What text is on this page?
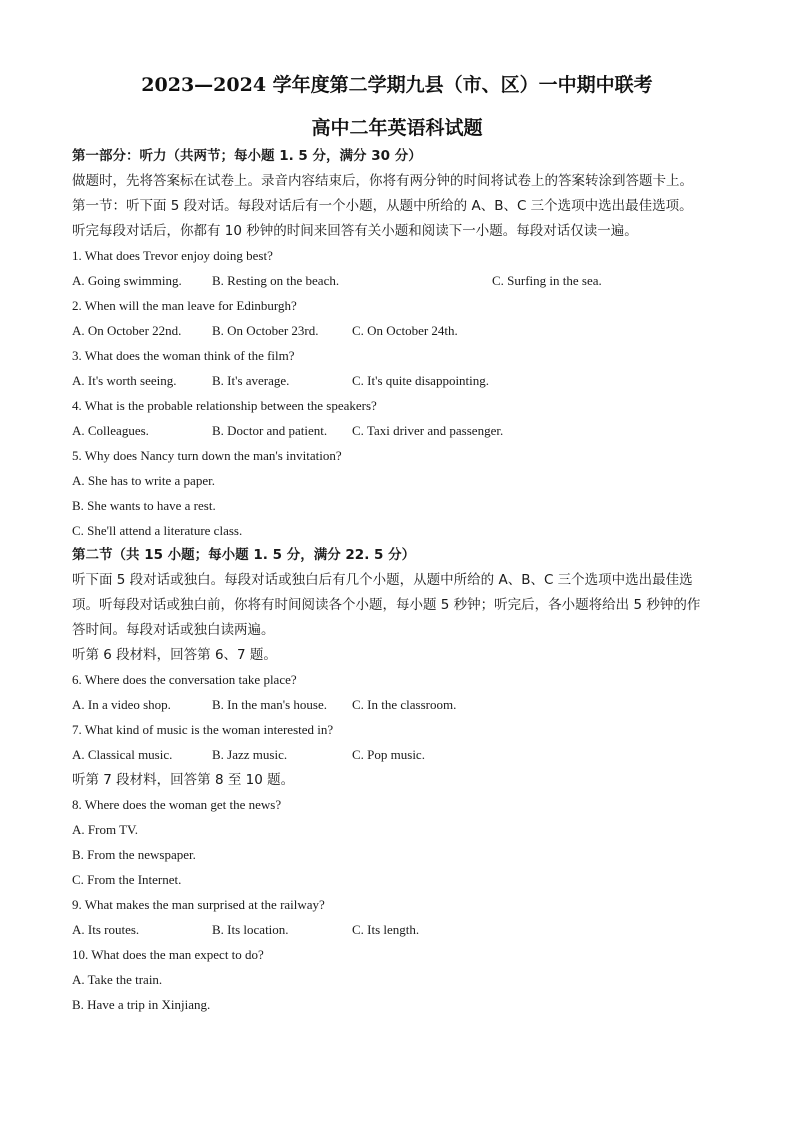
2023—2024 学年度第二学期九县（市、区）一中期中联考
高中二年英语科试题
第一部分：听力（共两节；每小题 1. 5 分，满分 30 分）
做题时，先将答案标在试卷上。录音内容结束后，你将有两分钟的时间将试卷上的答案转涂到答题卡上。
第一节：听下面 5 段对话。每段对话后有一个小题，从题中所给的 A、B、C 三个选项中选出最佳选项。
听完每段对话后，你都有 10 秒钟的时间来回答有关小题和阅读下一小题。每段对话仅读一遍。
1. What does Trevor enjoy doing best?
A. Going swimming. B. Resting on the beach.	C. Surfing in the sea.
2. When will the man leave for Edinburgh?
A. On October 22nd. B. On October 23rd.	C. On October 24th.
3. What does the woman think of the film?
A. It's worth seeing.	B. It's average.	C. It's quite disappointing.
4. What is the probable relationship between the speakers?
A. Colleagues.	B. Doctor and patient. C. Taxi driver and passenger.
5. Why does Nancy turn down the man's invitation?
A. She has to write a paper.
B. She wants to have a rest.
C. She'll attend a literature class.
第二节（共 15 小题；每小题 1. 5 分，满分 22. 5 分）
听下面 5 段对话或独白。每段对话或独白后有几个小题，从题中所给的 A、B、C 三个选项中选出最佳选
项。听每段对话或独白前，你将有时间阅读各个小题，每小题 5 秒钟；听完后，各小题将给出 5 秒钟的作
答时间。每段对话或独白读两遍。
听第 6 段材料，回答第 6、7 题。
6. Where does the conversation take place?
A. In a video shop.	B. In the man's house. C. In the classroom.
7. What kind of music is the woman interested in?
A. Classical music.	B. Jazz music.	C. Pop music.
听第 7 段材料，回答第 8 至 10 题。
8. Where does the woman get the news?
A. From TV.
B. From the newspaper.
C. From the Internet.
9. What makes the man surprised at the railway?
A. Its routes.	B. Its location.	C. Its length.
10. What does the man expect to do?
A. Take the train.
B. Have a trip in Xinjiang.
